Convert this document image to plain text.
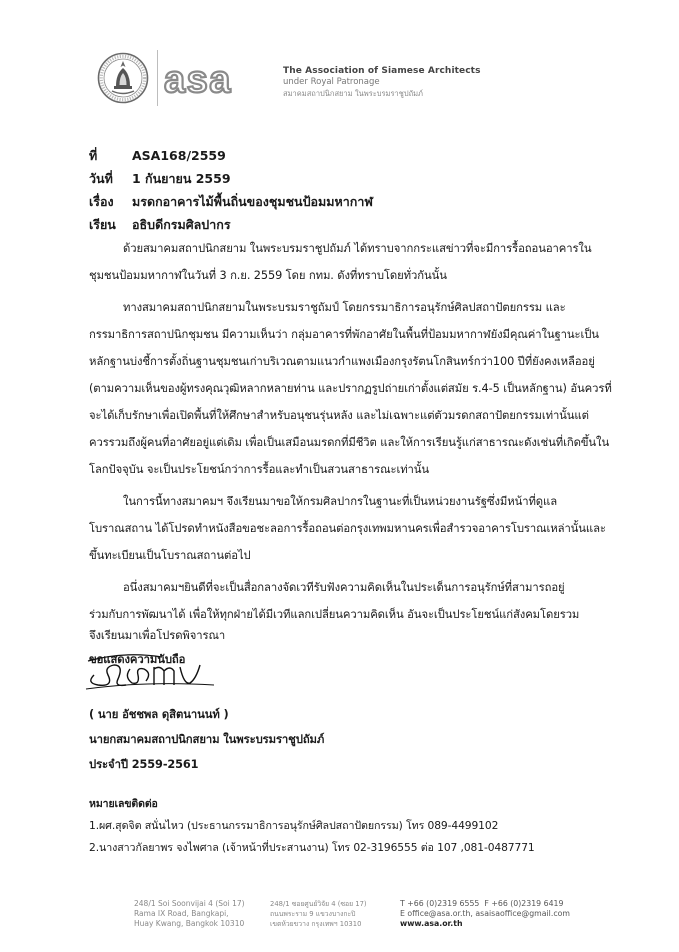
asa	The Association of Siamese Architects
under Royal Patronage
สมาคมสถาปนิกสยาม ในพระบรมราชูปถัมภ์
ที่	ASA168/2559
วันที่	1 กันยายน 2559
เรื่อง	มรดกอาคารไม้พื้นถิ่นของชุมชนป้อมมหากาฬ
เรียน	อธิบดีกรมศิลปากร
ด้วยสมาคมสถาปนิกสยาม ในพระบรมราชูปถัมภ์ ได้ทราบจากกระแสข่าวที่จะมีการรื้อถอนอาคารใน
ชุมชนป้อมมหากาฬในวันที่ 3 ก.ย. 2559 โดย กทม. ดังที่ทราบโดยทั่วกันนั้น
ทางสมาคมสถาปนิกสยามในพระบรมราชูถัมป์ โดยกรรมาธิการอนุรักษ์ศิลปสถาปัตยกรรม และ
กรรมาธิการสถาปนิกชุมชน มีความเห็นว่า กลุ่มอาคารที่พักอาศัยในพื้นที่ป้อมมหากาฬยังมีคุณค่าในฐานะเป็น
หลักฐานบ่งชี้การตั้งถิ่นฐานชุมชนเก่าบริเวณตามแนวกำแพงเมืองกรุงรัตนโกสินทร์กว่า100 ปีที่ยังคงเหลืออยู่
(ตามความเห็นของผู้ทรงคุณวุฒิหลากหลายท่าน และปรากฏรูปถ่ายเก่าตั้งแต่สมัย ร.4-5 เป็นหลักฐาน) อันควรที่
จะได้เก็บรักษาเพื่อเปิดพื้นที่ให้ศึกษาสำหรับอนุชนรุ่นหลัง และไม่เฉพาะแต่ตัวมรดกสถาปัตยกรรมเท่านั้นแต่
ควรรวมถึงผู้คนที่อาศัยอยู่แต่เดิม เพื่อเป็นเสมือนมรดกที่มีชีวิต และให้การเรียนรู้แก่สาธารณะดังเช่นที่เกิดขึ้นใน
โลกปัจจุบัน จะเป็นประโยชน์กว่าการรื้อและทำเป็นสวนสาธารณะเท่านั้น
ในการนี้ทางสมาคมฯ จึงเรียนมาขอให้กรมศิลปากรในฐานะที่เป็นหน่วยงานรัฐซึ่งมีหน้าที่ดูแล
โบราณสถาน ได้โปรดทำหนังสือขอชะลอการรื้อถอนต่อกรุงเทพมหานครเพื่อสำรวจอาคารโบราณเหล่านั้นและ
ขึ้นทะเบียนเป็นโบราณสถานต่อไป
อนึ่งสมาคมฯยินดีที่จะเป็นสื่อกลางจัดเวทีรับฟังความคิดเห็นในประเด็นการอนุรักษ์ที่สามารถอยู่
ร่วมกับการพัฒนาได้ เพื่อให้ทุกฝ่ายได้มีเวทีแลกเปลี่ยนความคิดเห็น อันจะเป็นประโยชน์แก่สังคมโดยรวม
จึงเรียนมาเพื่อโปรดพิจารณา
ขอแสดงความนับถือ
( นาย อัชชพล ดุสิตนานนท์ )
นายกสมาคมสถาปนิกสยาม ในพระบรมราชูปถัมภ์
ประจำปี 2559-2561
หมายเลขติดต่อ
1.ผศ.สุดจิต สนั่นไหว (ประธานกรรมาธิการอนุรักษ์ศิลปสถาปัตยกรรม) โทร 089-4499102
2.นางสาวกัลยาพร จงไพศาล (เจ้าหน้าที่ประสานงาน) โทร 02-3196555 ต่อ 107 ,081-0487771
248/1 Soi Soonvijai 4 (Soi 17)
Rama IX Road, Bangkapi,
Huay Kwang, Bangkok 10310
248/1 ซอยศูนย์วิจัย 4 (ซอย 17)
ถนนพระราม 9 แขวงบางกะปิ
เขตห้วยขวาง กรุงเทพฯ 10310
T +66 (0)2319 6555 F +66 (0)2319 6419
E office@asa.or.th, asaisaoffice@gmail.com
www.asa.or.th
